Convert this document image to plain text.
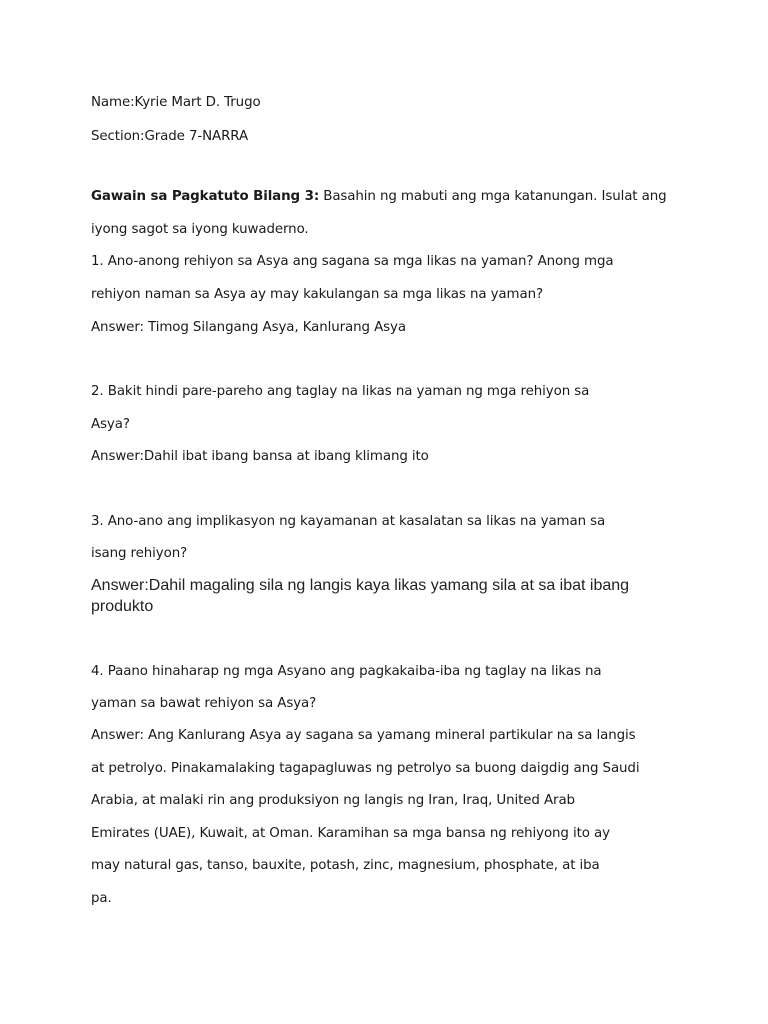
Name:Kyrie Mart D. Trugo
Section:Grade 7-NARRA
Gawain sa Pagkatuto Bilang 3: Basahin ng mabuti ang mga katanungan. Isulat ang
iyong sagot sa iyong kuwaderno.
1. Ano-anong rehiyon sa Asya ang sagana sa mga likas na yaman? Anong mga
rehiyon naman sa Asya ay may kakulangan sa mga likas na yaman?
Answer: Timog Silangang Asya, Kanlurang Asya
2. Bakit hindi pare-pareho ang taglay na likas na yaman ng mga rehiyon sa
Asya?
Answer:Dahil ibat ibang bansa at ibang klimang ito
3. Ano-ano ang implikasyon ng kayamanan at kasalatan sa likas na yaman sa
isang rehiyon?
Answer:Dahil magaling sila ng langis kaya likas yamang sila at sa ibat ibang
produkto
4. Paano hinaharap ng mga Asyano ang pagkakaiba-iba ng taglay na likas na
yaman sa bawat rehiyon sa Asya?
Answer: Ang Kanlurang Asya ay sagana sa yamang mineral partikular na sa langis
at petrolyo. Pinakamalaking tagapagluwas ng petrolyo sa buong daigdig ang Saudi
Arabia, at malaki rin ang produksiyon ng langis ng Iran, Iraq, United Arab
Emirates (UAE), Kuwait, at Oman. Karamihan sa mga bansa ng rehiyong ito ay
may natural gas, tanso, bauxite, potash, zinc, magnesium, phosphate, at iba
pa.
